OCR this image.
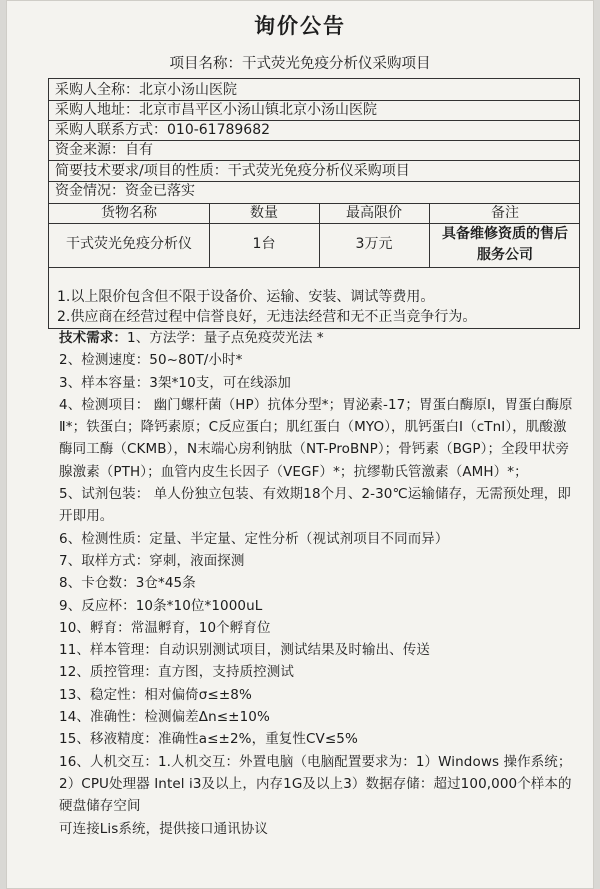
询价公告
项目名称：干式荧光免疫分析仪采购项目
采购人全称：北京小汤山医院
采购人地址：北京市昌平区小汤山镇北京小汤山医院
采购人联系方式：010-61789682
资金来源：自有
简要技术要求/项目的性质：干式荧光免疫分析仪采购项目
资金情况：资金已落实
货物名称	数量	最高限价	备注
干式荧光免疫分析仪	1台	3万元
具备维修资质的售后
服务公司
1.以上限价包含但不限于设备价、运输、安装、调试等费用。
2.供应商在经营过程中信誉良好，无违法经营和无不正当竞争行为。

技术需求：1、方法学：量子点免疫荧光法 *

2、检测速度：50~80T/小时*

3、样本容量：3架*10支，可在线添加

4、检测项目： 幽门螺杆菌（HP）抗体分型*；胃泌素-17；胃蛋白酶原Ⅰ，胃蛋白酶原Ⅱ*；铁蛋白；降钙素原；C反应蛋白；肌红蛋白（MYO），肌钙蛋白Ⅰ（cTnI），肌酸激酶同工酶（CKMB），N末端心房利钠肽（NT-ProBNP）；骨钙素（BGP）；全段甲状旁腺激素（PTH）；血管内皮生长因子（VEGF）*；抗缪勒氏管激素（AMH）*；

5、试剂包装： 单人份独立包装、有效期18个月、2-30℃运输储存，无需预处理，即开即用。

6、检测性质：定量、半定量、定性分析（视试剂项目不同而异）

7、取样方式：穿刺，液面探测

8、卡仓数：3仓*45条

9、反应杯：10条*10位*1000uL

10、孵育：常温孵育，10个孵育位

11、样本管理：自动识别测试项目，测试结果及时输出、传送

12、质控管理：直方图，支持质控测试

13、稳定性：相对偏倚σ≤±8%

14、准确性：检测偏差Δn≤±10%

15、移液精度：准确性a≤±2%，重复性CV≤5%

16、人机交互：1.人机交互：外置电脑（电脑配置要求为：1）Windows 操作系统；2）CPU处理器 Intel i3及以上，内存1G及以上3）数据存储：超过100,000个样本的硬盘储存空间

可连接Lis系统，提供接口通讯协议
